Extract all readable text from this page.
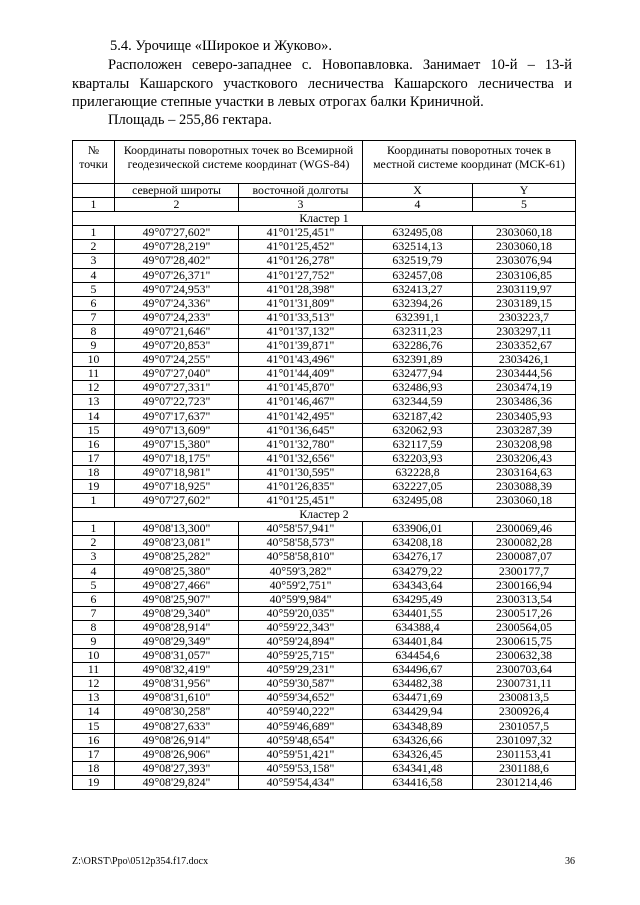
5.4. Урочище «Широкое и Жуково».
Расположен северо-западнее с. Новопавловка. Занимает 10-й – 13-й кварталы Кашарского участкового лесничества Кашарского лесничества и прилегающие степные участки в левых отрогах балки Криничной.
Площадь – 255,86 гектара.
№ точки	Координаты поворотных точек во Всемирной геодезической системе координат (WGS-84)		Координаты поворотных точек в местной системе координат (МСК-61)	

	северной широты	восточной долготы	X	Y
1	2	3	4	5
Кластер 1				
1	49°07'27,602"	41°01'25,451"	632495,08	2303060,18
2	49°07'28,219"	41°01'25,452"	632514,13	2303060,18
3	49°07'28,402"	41°01'26,278"	632519,79	2303076,94
4	49°07'26,371"	41°01'27,752"	632457,08	2303106,85
5	49°07'24,953"	41°01'28,398"	632413,27	2303119,97
6	49°07'24,336"	41°01'31,809"	632394,26	2303189,15
7	49°07'24,233"	41°01'33,513"	632391,1	2303223,7
8	49°07'21,646"	41°01'37,132"	632311,23	2303297,11
9	49°07'20,853"	41°01'39,871"	632286,76	2303352,67
10	49°07'24,255"	41°01'43,496"	632391,89	2303426,1
11	49°07'27,040"	41°01'44,409"	632477,94	2303444,56
12	49°07'27,331"	41°01'45,870"	632486,93	2303474,19
13	49°07'22,723"	41°01'46,467"	632344,59	2303486,36
14	49°07'17,637"	41°01'42,495"	632187,42	2303405,93
15	49°07'13,609"	41°01'36,645"	632062,93	2303287,39
16	49°07'15,380"	41°01'32,780"	632117,59	2303208,98
17	49°07'18,175"	41°01'32,656"	632203,93	2303206,43
18	49°07'18,981"	41°01'30,595"	632228,8	2303164,63
19	49°07'18,925"	41°01'26,835"	632227,05	2303088,39
1	49°07'27,602"	41°01'25,451"	632495,08	2303060,18
Кластер 2				
1	49°08'13,300"	40°58'57,941"	633906,01	2300069,46
2	49°08'23,081"	40°58'58,573"	634208,18	2300082,28
3	49°08'25,282"	40°58'58,810"	634276,17	2300087,07
4	49°08'25,380"	40°59'3,282"	634279,22	2300177,7
5	49°08'27,466"	40°59'2,751"	634343,64	2300166,94
6	49°08'25,907"	40°59'9,984"	634295,49	2300313,54
7	49°08'29,340"	40°59'20,035"	634401,55	2300517,26
8	49°08'28,914"	40°59'22,343"	634388,4	2300564,05
9	49°08'29,349"	40°59'24,894"	634401,84	2300615,75
10	49°08'31,057"	40°59'25,715"	634454,6	2300632,38
11	49°08'32,419"	40°59'29,231"	634496,67	2300703,64
12	49°08'31,956"	40°59'30,587"	634482,38	2300731,11
13	49°08'31,610"	40°59'34,652"	634471,69	2300813,5
14	49°08'30,258"	40°59'40,222"	634429,94	2300926,4
15	49°08'27,633"	40°59'46,689"	634348,89	2301057,5
16	49°08'26,914"	40°59'48,654"	634326,66	2301097,32
17	49°08'26,906"	40°59'51,421"	634326,45	2301153,41
18	49°08'27,393"	40°59'53,158"	634341,48	2301188,6
19	49°08'29,824"	40°59'54,434"	634416,58	2301214,46
Z:\ORST\Ppo\0512p354.f17.docx	36
